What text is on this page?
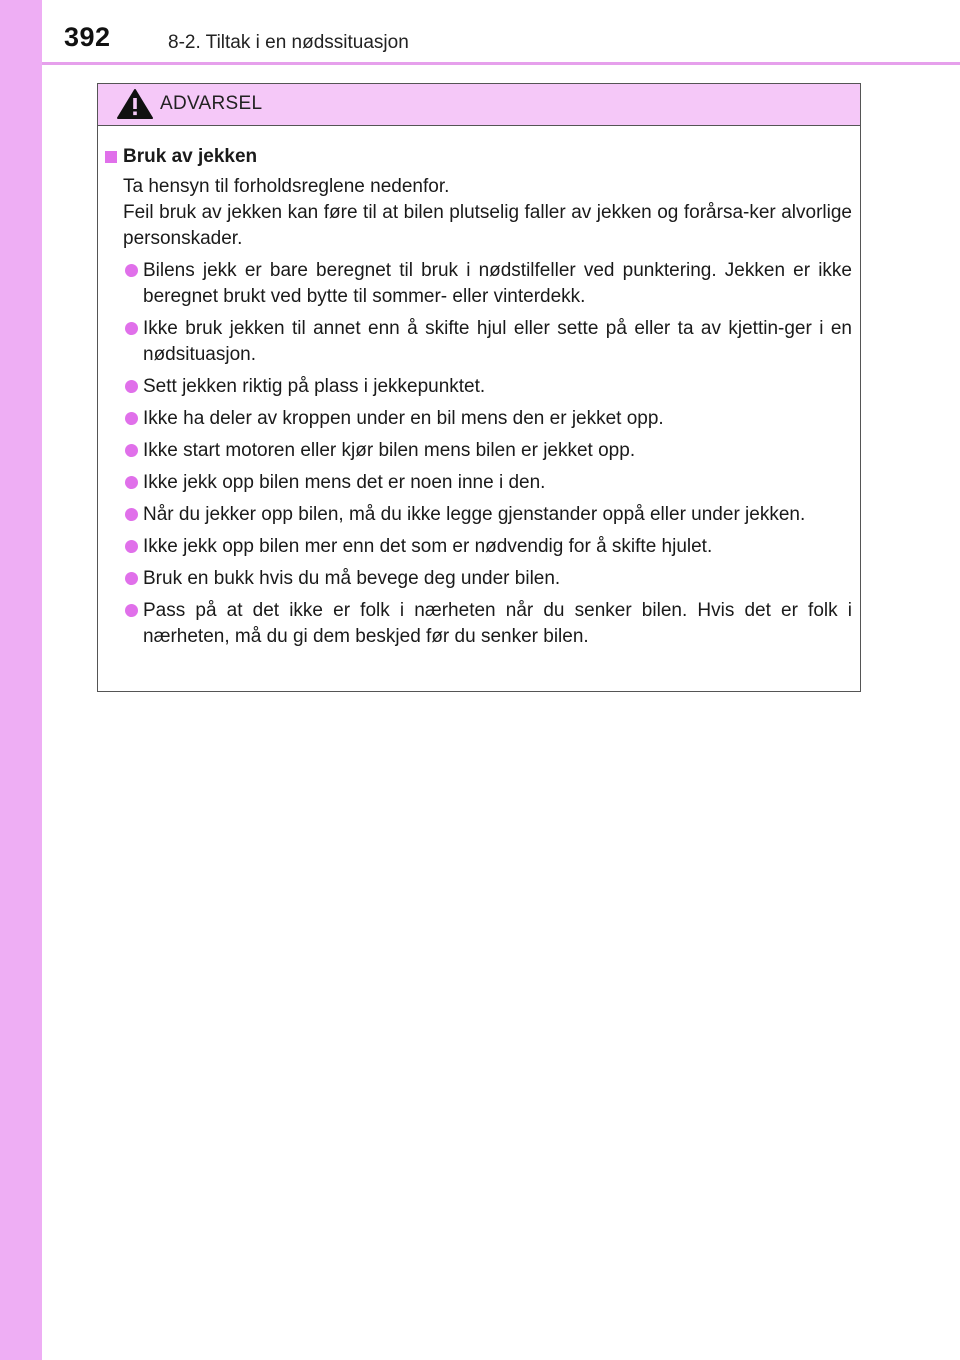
392	8-2. Tiltak i en nødssituasjon
ADVARSEL
Bruk av jekken
Ta hensyn til forholdsreglene nedenfor.
Feil bruk av jekken kan føre til at bilen plutselig faller av jekken og forårsa-ker alvorlige personskader.
Bilens jekk er bare beregnet til bruk i nødstilfeller ved punktering. Jekken er ikke beregnet brukt ved bytte til sommer- eller vinterdekk.
Ikke bruk jekken til annet enn å skifte hjul eller sette på eller ta av kjettin-ger i en nødsituasjon.
Sett jekken riktig på plass i jekkepunktet.
Ikke ha deler av kroppen under en bil mens den er jekket opp.
Ikke start motoren eller kjør bilen mens bilen er jekket opp.
Ikke jekk opp bilen mens det er noen inne i den.
Når du jekker opp bilen, må du ikke legge gjenstander oppå eller under jekken.
Ikke jekk opp bilen mer enn det som er nødvendig for å skifte hjulet.
Bruk en bukk hvis du må bevege deg under bilen.
Pass på at det ikke er folk i nærheten når du senker bilen. Hvis det er folk i nærheten, må du gi dem beskjed før du senker bilen.
